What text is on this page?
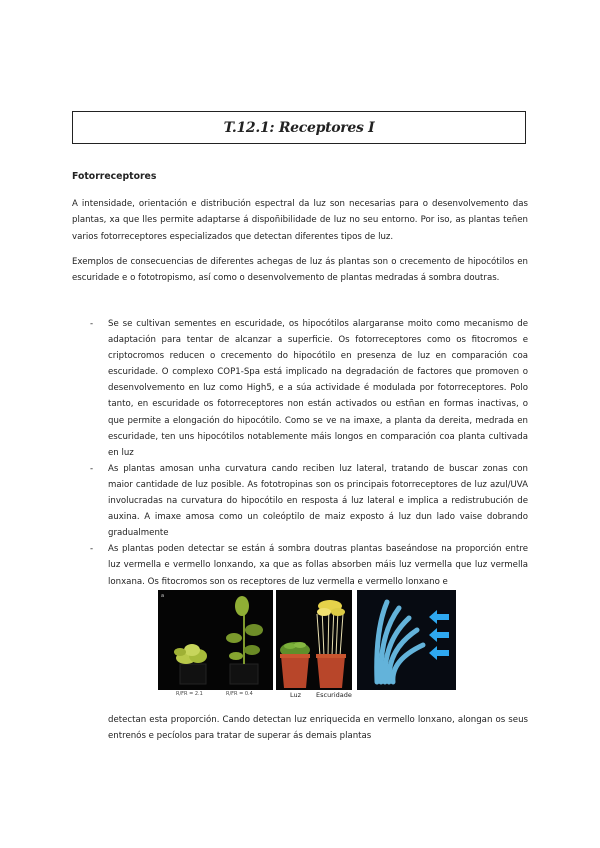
T.12.1: Receptores I
Fotorreceptores

A intensidade, orientación e distribución espectral da luz son necesarias para o desenvolvemento das plantas, xa que lles permite adaptarse á dispoñibilidade de luz no seu entorno. Por iso, as plantas teñen varios fotorreceptores especializados que detectan diferentes tipos de luz.

Exemplos de consecuencias de diferentes achegas de luz ás plantas son o crecemento de hipocótilos en escuridade e o fototropismo, así como o desenvolvemento de plantas medradas á sombra doutras.

- Se se cultivan sementes en escuridade, os hipocótilos alargaranse moito como mecanismo de adaptación para tentar de alcanzar a superficie. Os fotorreceptores como os fitocromos e criptocromos reducen o crecemento do hipocótilo en presenza de luz en comparación coa escuridade. O complexo COP1-Spa está implicado na degradación de factores que promoven o desenvolvemento en luz como High5, e a súa actividade é modulada por fotorreceptores. Polo tanto, en escuridade os fotorreceptores non están activados ou estñan en formas inactivas, o que permite a elongación do hipocótilo. Como se ve na imaxe, a planta da dereita, medrada en escuridade, ten uns hipocótilos notablemente máis longos en comparación coa planta cultivada en luz
- As plantas amosan unha curvatura cando reciben luz lateral, tratando de buscar zonas con maior cantidade de luz posible. As fototropinas son os principais fotorreceptores de luz azul/UVA involucradas na curvatura do hipocótilo en resposta á luz lateral e implica a redistrubución de auxina. A imaxe amosa como un coleóptilo de maiz exposto á luz dun lado vaise dobrando gradualmente
- As plantas poden detectar se están á sombra doutras plantas baseándose na proporción entre luz vermella e vermello lonxando, xa que as follas absorben máis luz vermella que luz vermella lonxana. Os fitocromos son os receptores de luz vermella e vermello lonxano e
a
R/FR = 2.1	R/FR = 0.4	Luz Escuridade

detectan esta proporción. Cando detectan luz enriquecida en vermello lonxano, alongan os seus entrenós e pecíolos para tratar de superar ás demais plantas
